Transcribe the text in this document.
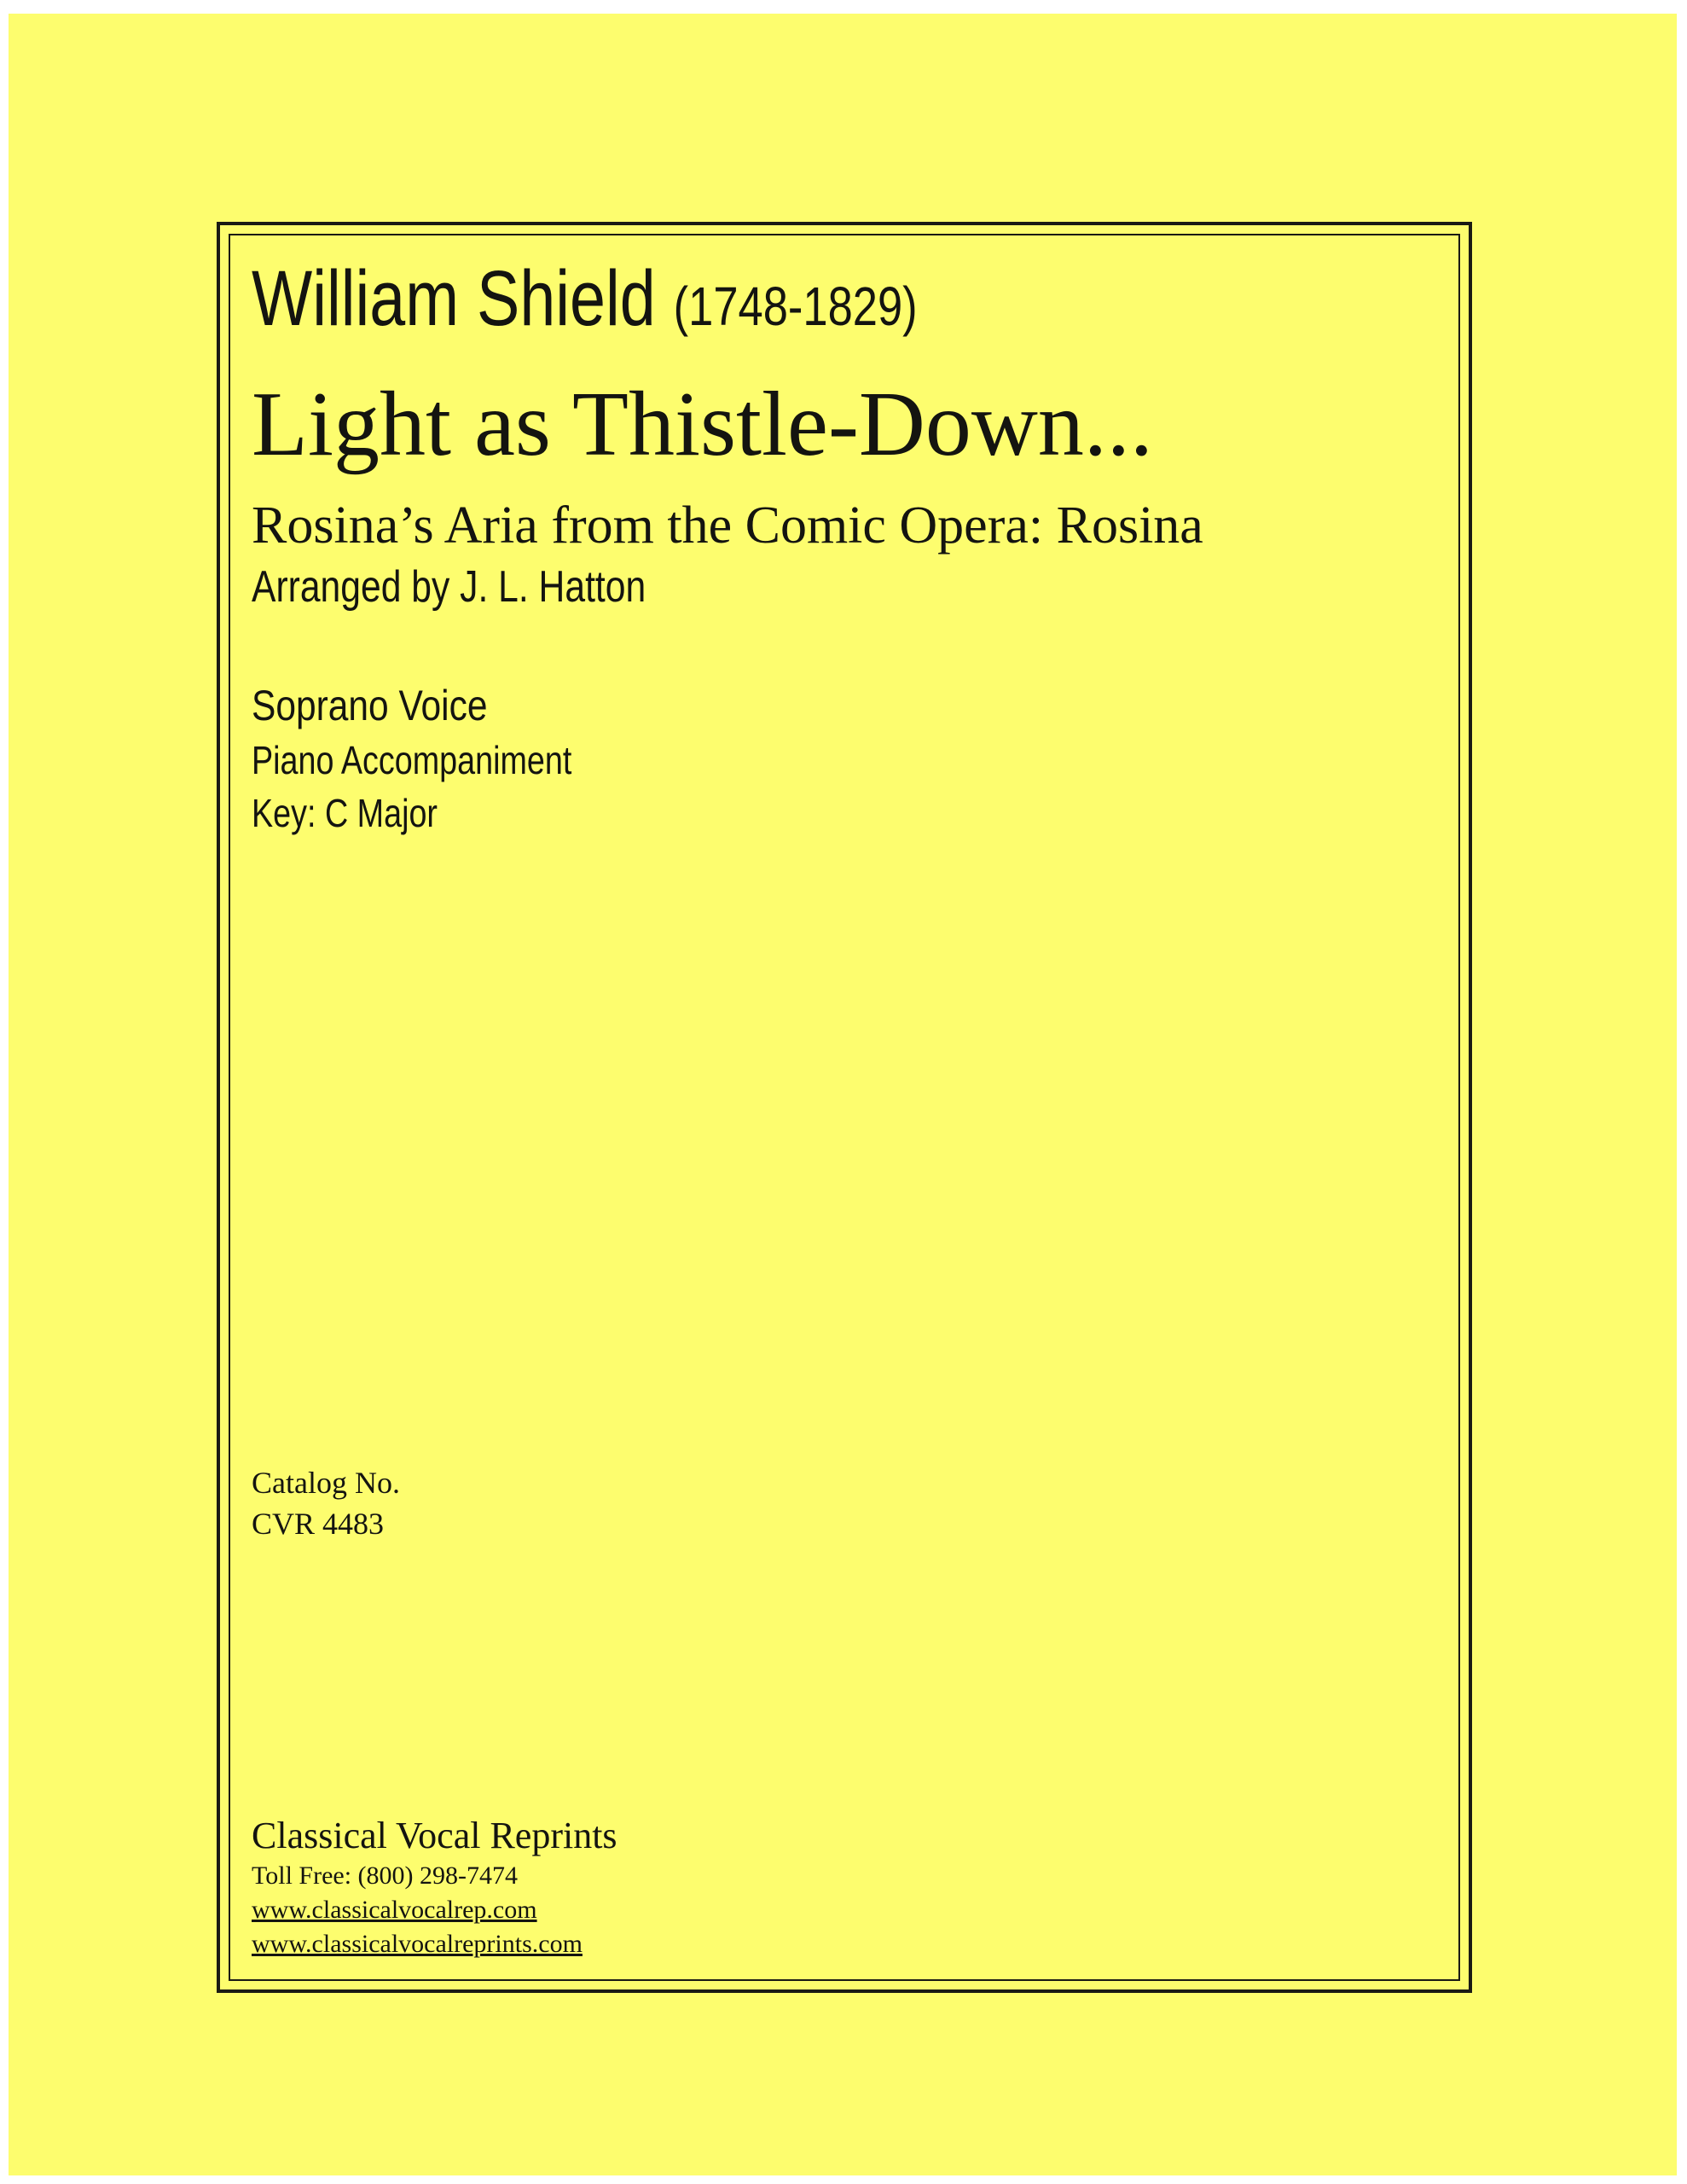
William Shield (1748-1829)
Light as Thistle-Down...
Rosina’s Aria from the Comic Opera: Rosina
Arranged by J. L. Hatton
Soprano Voice
Piano Accompaniment
Key: C Major
Catalog No.
CVR 4483
Classical Vocal Reprints
Toll Free: (800) 298-7474
www.classicalvocalrep.com
www.classicalvocalreprints.com
